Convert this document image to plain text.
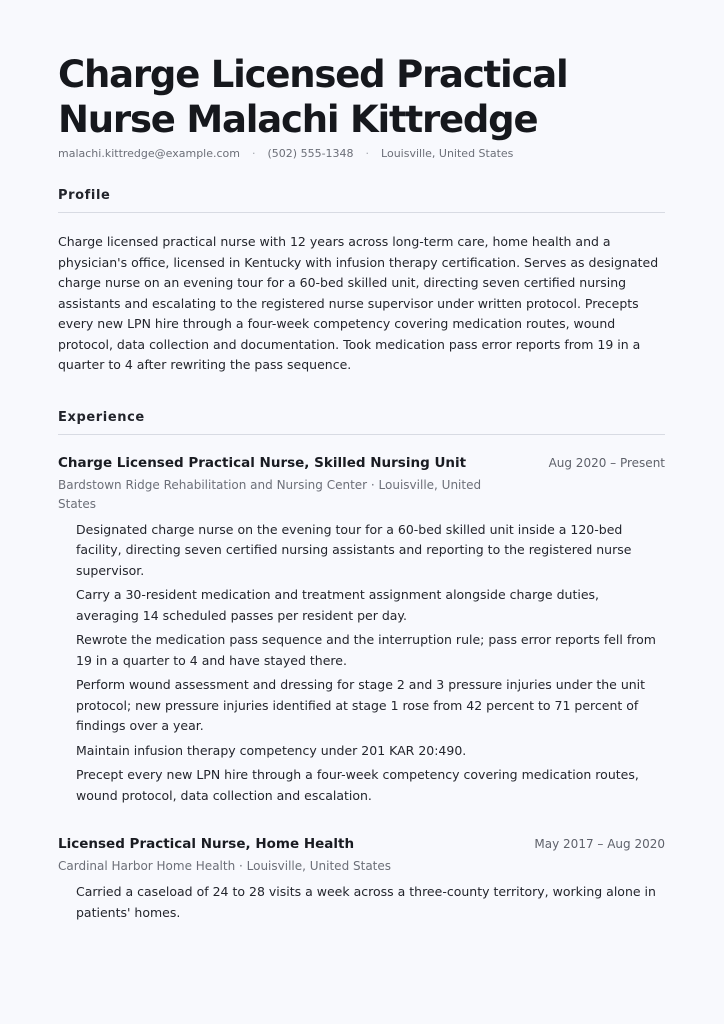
Charge Licensed Practical Nurse Malachi Kittredge
malachi.kittredge@example.com · (502) 555-1348 · Louisville, United States
Profile

Charge licensed practical nurse with 12 years across long-term care, home health and a physician's office, licensed in Kentucky with infusion therapy certification. Serves as designated charge nurse on an evening tour for a 60-bed skilled unit, directing seven certified nursing assistants and escalating to the registered nurse supervisor under written protocol. Precepts every new LPN hire through a four-week competency covering medication routes, wound protocol, data collection and documentation. Took medication pass error reports from 19 in a quarter to 4 after rewriting the pass sequence.

Experience
Charge Licensed Practical Nurse, Skilled Nursing Unit	Aug 2020 – Present
Bardstown Ridge Rehabilitation and Nursing Center · Louisville, United States
Designated charge nurse on the evening tour for a 60-bed skilled unit inside a 120-bed facility, directing seven certified nursing assistants and reporting to the registered nurse supervisor.
Carry a 30-resident medication and treatment assignment alongside charge duties, averaging 14 scheduled passes per resident per day.
Rewrote the medication pass sequence and the interruption rule; pass error reports fell from 19 in a quarter to 4 and have stayed there.
Perform wound assessment and dressing for stage 2 and 3 pressure injuries under the unit protocol; new pressure injuries identified at stage 1 rose from 42 percent to 71 percent of findings over a year.
Maintain infusion therapy competency under 201 KAR 20:490.
Precept every new LPN hire through a four-week competency covering medication routes, wound protocol, data collection and escalation.
Licensed Practical Nurse, Home Health	May 2017 – Aug 2020
Cardinal Harbor Home Health · Louisville, United States
Carried a caseload of 24 to 28 visits a week across a three-county territory, working alone in patients' homes.
